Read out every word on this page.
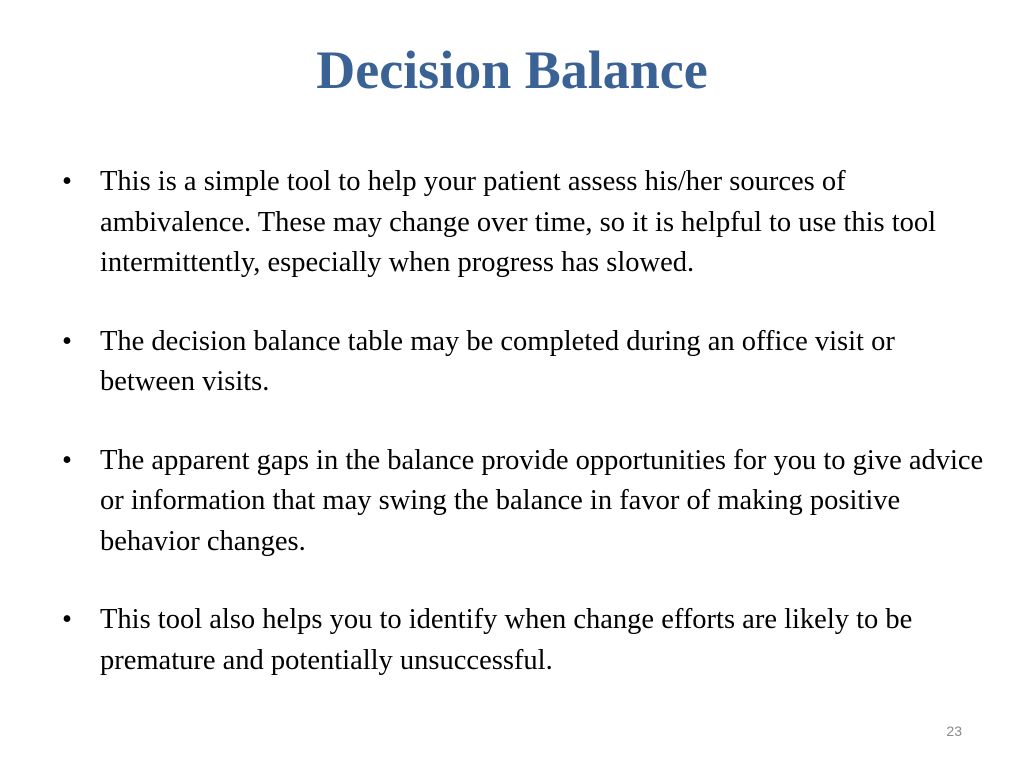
Decision Balance
• This is a simple tool to help your patient assess his/her sources of ambivalence. These may change over time, so it is helpful to use this tool intermittently, especially when progress has slowed.
• The decision balance table may be completed during an office visit or between visits.
• The apparent gaps in the balance provide opportunities for you to give advice or information that may swing the balance in favor of making positive behavior changes.
• This tool also helps you to identify when change efforts are likely to be premature and potentially unsuccessful.
23
